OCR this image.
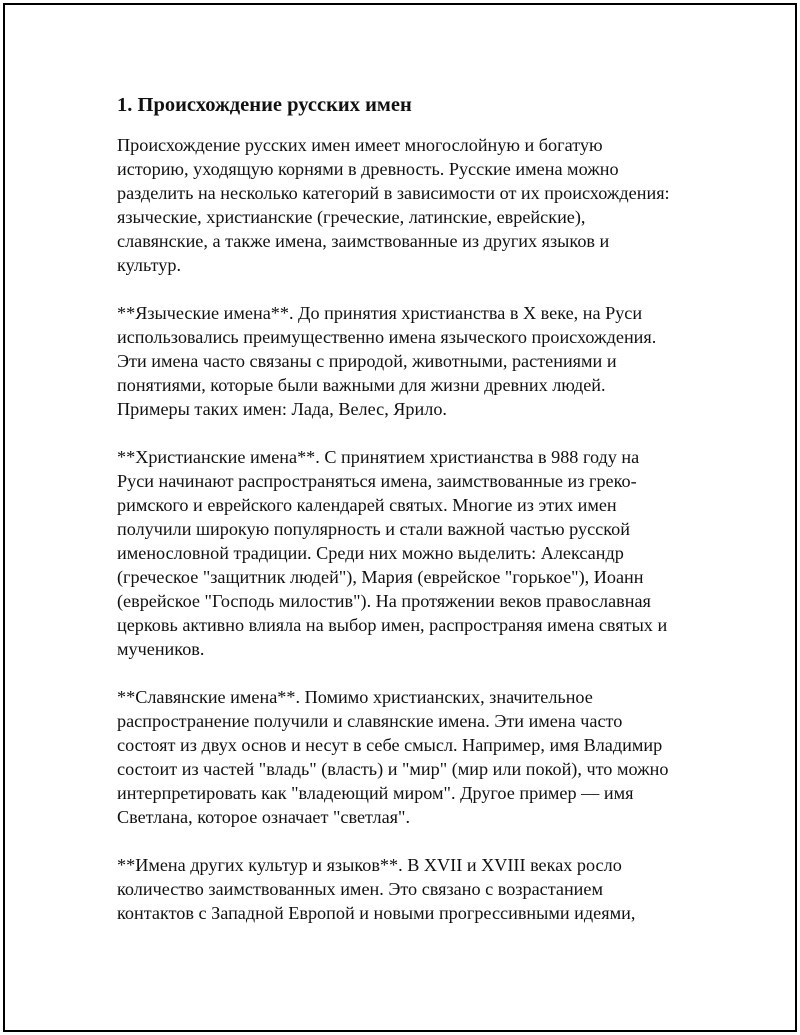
1. Происхождение русских имен
Происхождение русских имен имеет многослойную и богатую
историю, уходящую корнями в древность. Русские имена можно
разделить на несколько категорий в зависимости от их происхождения:
языческие, христианские (греческие, латинские, еврейские),
славянские, а также имена, заимствованные из других языков и
культур.
**Языческие имена**. До принятия христианства в X веке, на Руси
использовались преимущественно имена языческого происхождения.
Эти имена часто связаны с природой, животными, растениями и
понятиями, которые были важными для жизни древних людей.
Примеры таких имен: Лада, Велес, Ярило.
**Христианские имена**. С принятием христианства в 988 году на
Руси начинают распространяться имена, заимствованные из греко-
римского и еврейского календарей святых. Многие из этих имен
получили широкую популярность и стали важной частью русской
именословной традиции. Среди них можно выделить: Александр
(греческое "защитник людей"), Мария (еврейское "горькое"), Иоанн
(еврейское "Господь милостив"). На протяжении веков православная
церковь активно влияла на выбор имен, распространяя имена святых и
мучеников.
**Славянские имена**. Помимо христианских, значительное
распространение получили и славянские имена. Эти имена часто
состоят из двух основ и несут в себе смысл. Например, имя Владимир
состоит из частей "владь" (власть) и "мир" (мир или покой), что можно
интерпретировать как "владеющий миром". Другое пример — имя
Светлана, которое означает "светлая".
**Имена других культур и языков**. В XVII и XVIII веках росло
количество заимствованных имен. Это связано с возрастанием
контактов с Западной Европой и новыми прогрессивными идеями,
